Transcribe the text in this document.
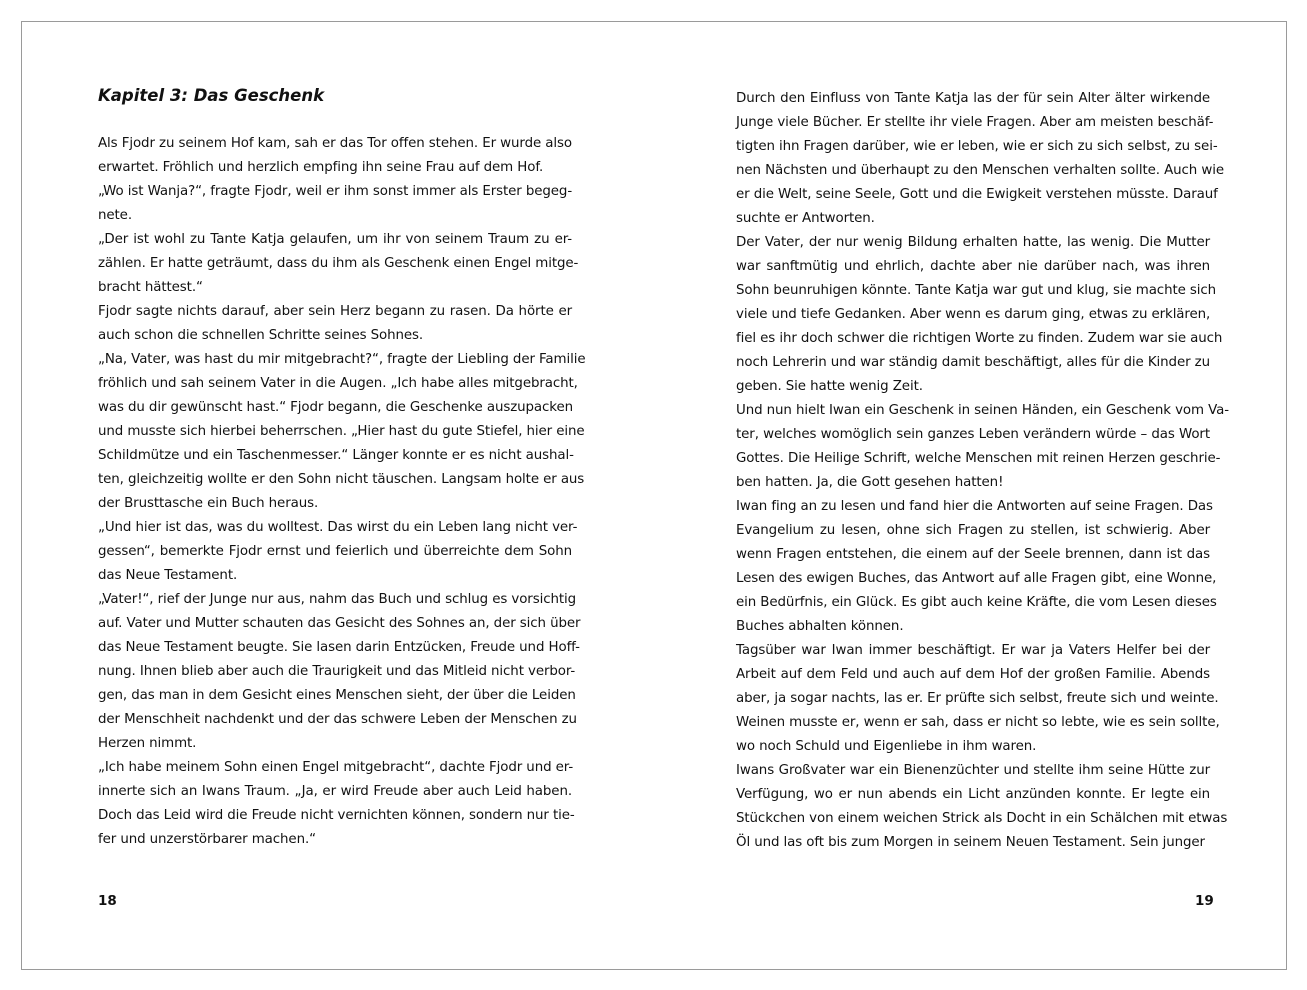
Kapitel 3: Das Geschenk
Als Fjodr zu seinem Hof kam, sah er das Tor offen stehen. Er wurde also
erwartet. Fröhlich und herzlich empfing ihn seine Frau auf dem Hof.
„Wo ist Wanja?“, fragte Fjodr, weil er ihm sonst immer als Erster begeg-
nete.
„Der ist wohl zu Tante Katja gelaufen, um ihr von seinem Traum zu er-
zählen. Er hatte geträumt, dass du ihm als Geschenk einen Engel mitge-
bracht hättest.“
Fjodr sagte nichts darauf, aber sein Herz begann zu rasen. Da hörte er
auch schon die schnellen Schritte seines Sohnes.
„Na, Vater, was hast du mir mitgebracht?“, fragte der Liebling der Familie
fröhlich und sah seinem Vater in die Augen. „Ich habe alles mitgebracht,
was du dir gewünscht hast.“ Fjodr begann, die Geschenke auszupacken
und musste sich hierbei beherrschen. „Hier hast du gute Stiefel, hier eine
Schildmütze und ein Taschenmesser.“ Länger konnte er es nicht aushal-
ten, gleichzeitig wollte er den Sohn nicht täuschen. Langsam holte er aus
der Brusttasche ein Buch heraus.
„Und hier ist das, was du wolltest. Das wirst du ein Leben lang nicht ver-
gessen“, bemerkte Fjodr ernst und feierlich und überreichte dem Sohn
das Neue Testament.
„Vater!“, rief der Junge nur aus, nahm das Buch und schlug es vorsichtig
auf. Vater und Mutter schauten das Gesicht des Sohnes an, der sich über
das Neue Testament beugte. Sie lasen darin Entzücken, Freude und Hoff-
nung. Ihnen blieb aber auch die Traurigkeit und das Mitleid nicht verbor-
gen, das man in dem Gesicht eines Menschen sieht, der über die Leiden
der Menschheit nachdenkt und der das schwere Leben der Menschen zu
Herzen nimmt.
„Ich habe meinem Sohn einen Engel mitgebracht“, dachte Fjodr und er-
innerte sich an Iwans Traum. „Ja, er wird Freude aber auch Leid haben.
Doch das Leid wird die Freude nicht vernichten können, sondern nur tie-
fer und unzerstörbarer machen.“
18
Durch den Einfluss von Tante Katja las der für sein Alter älter wirkende
Junge viele Bücher. Er stellte ihr viele Fragen. Aber am meisten beschäf-
tigten ihn Fragen darüber, wie er leben, wie er sich zu sich selbst, zu sei-
nen Nächsten und überhaupt zu den Menschen verhalten sollte. Auch wie
er die Welt, seine Seele, Gott und die Ewigkeit verstehen müsste. Darauf
suchte er Antworten.
Der Vater, der nur wenig Bildung erhalten hatte, las wenig. Die Mutter
war sanftmütig und ehrlich, dachte aber nie darüber nach, was ihren
Sohn beunruhigen könnte. Tante Katja war gut und klug, sie machte sich
viele und tiefe Gedanken. Aber wenn es darum ging, etwas zu erklären,
fiel es ihr doch schwer die richtigen Worte zu finden. Zudem war sie auch
noch Lehrerin und war ständig damit beschäftigt, alles für die Kinder zu
geben. Sie hatte wenig Zeit.
Und nun hielt Iwan ein Geschenk in seinen Händen, ein Geschenk vom Va-
ter, welches womöglich sein ganzes Leben verändern würde – das Wort
Gottes. Die Heilige Schrift, welche Menschen mit reinen Herzen geschrie-
ben hatten. Ja, die Gott gesehen hatten!
Iwan fing an zu lesen und fand hier die Antworten auf seine Fragen. Das
Evangelium zu lesen, ohne sich Fragen zu stellen, ist schwierig. Aber
wenn Fragen entstehen, die einem auf der Seele brennen, dann ist das
Lesen des ewigen Buches, das Antwort auf alle Fragen gibt, eine Wonne,
ein Bedürfnis, ein Glück. Es gibt auch keine Kräfte, die vom Lesen dieses
Buches abhalten können.
Tagsüber war Iwan immer beschäftigt. Er war ja Vaters Helfer bei der
Arbeit auf dem Feld und auch auf dem Hof der großen Familie. Abends
aber, ja sogar nachts, las er. Er prüfte sich selbst, freute sich und weinte.
Weinen musste er, wenn er sah, dass er nicht so lebte, wie es sein sollte,
wo noch Schuld und Eigenliebe in ihm waren.
Iwans Großvater war ein Bienenzüchter und stellte ihm seine Hütte zur
Verfügung, wo er nun abends ein Licht anzünden konnte. Er legte ein
Stückchen von einem weichen Strick als Docht in ein Schälchen mit etwas
Öl und las oft bis zum Morgen in seinem Neuen Testament. Sein junger
19
